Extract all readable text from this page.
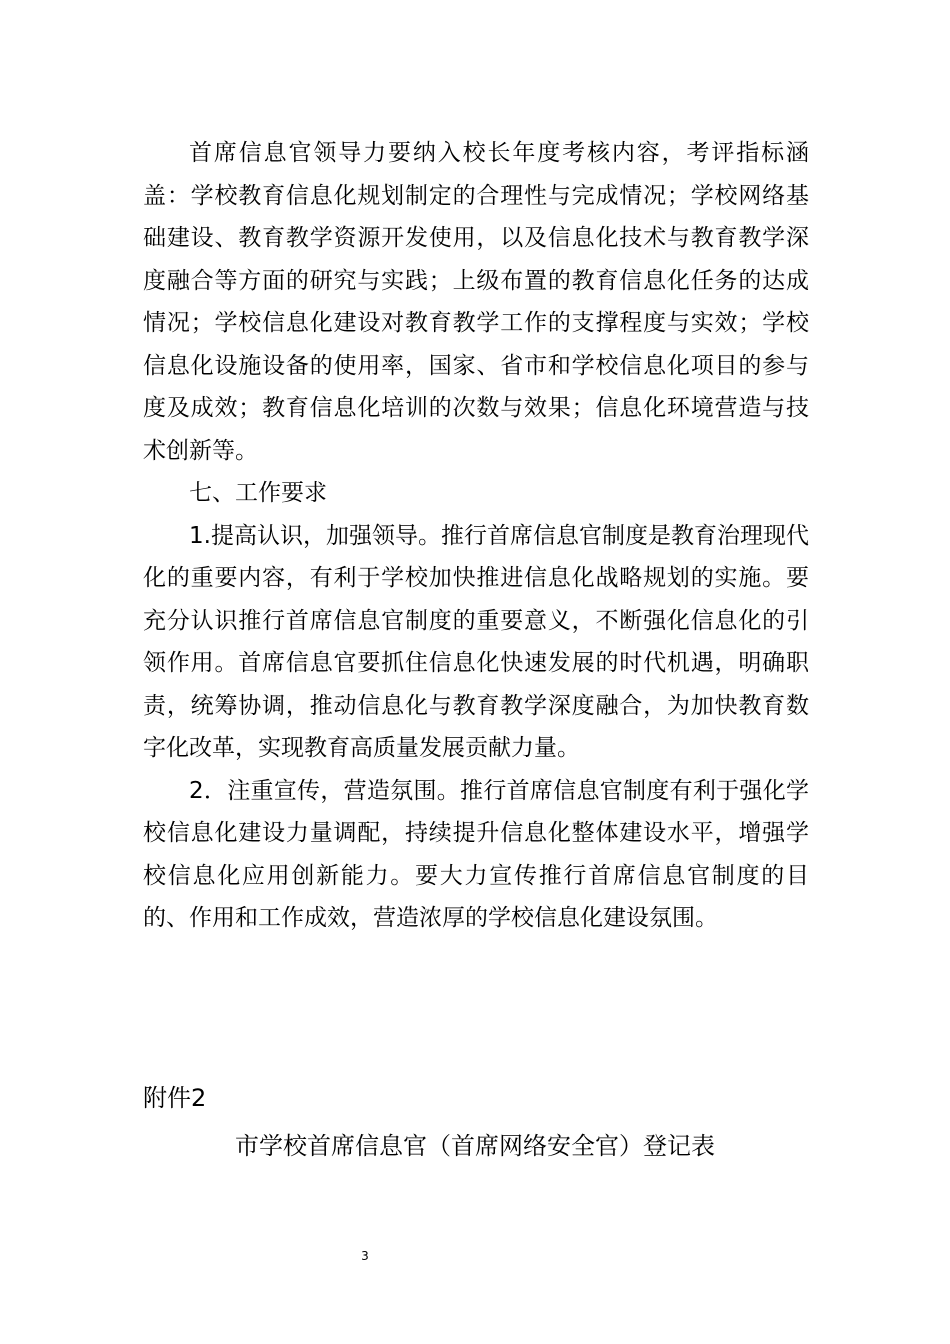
首席信息官领导力要纳入校长年度考核内容，考评指标涵盖：学校教育信息化规划制定的合理性与完成情况；学校网络基础建设、教育教学资源开发使用，以及信息化技术与教育教学深度融合等方面的研究与实践；上级布置的教育信息化任务的达成情况；学校信息化建设对教育教学工作的支撑程度与实效；学校信息化设施设备的使用率，国家、省市和学校信息化项目的参与度及成效；教育信息化培训的次数与效果；信息化环境营造与技术创新等。

七、工作要求

1.提高认识，加强领导。推行首席信息官制度是教育治理现代化的重要内容，有利于学校加快推进信息化战略规划的实施。要充分认识推行首席信息官制度的重要意义，不断强化信息化的引领作用。首席信息官要抓住信息化快速发展的时代机遇，明确职责，统筹协调，推动信息化与教育教学深度融合，为加快教育数字化改革，实现教育高质量发展贡献力量。

2．注重宣传，营造氛围。推行首席信息官制度有利于强化学校信息化建设力量调配，持续提升信息化整体建设水平，增强学校信息化应用创新能力。要大力宣传推行首席信息官制度的目的、作用和工作成效，营造浓厚的学校信息化建设氛围。

附件2
市学校首席信息官（首席网络安全官）登记表
3
